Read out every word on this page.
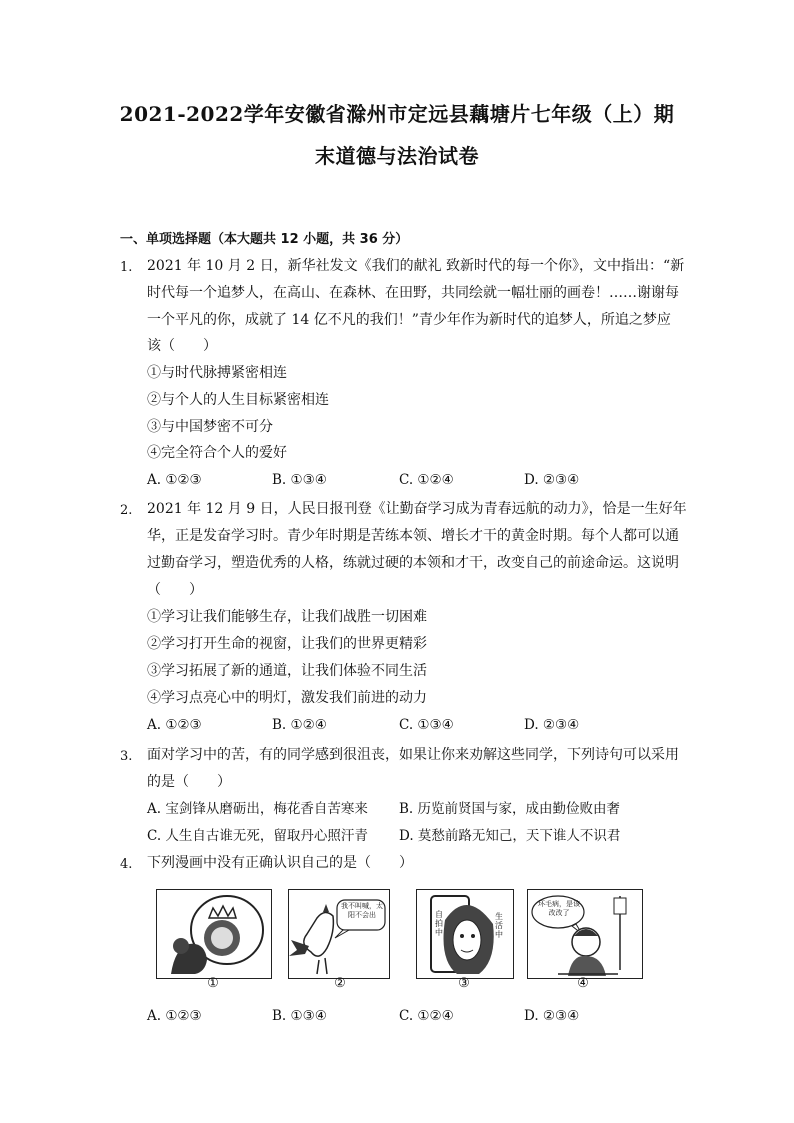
2021-2022学年安徽省滁州市定远县藕塘片七年级（上）期
末道德与法治试卷
一、单项选择题（本大题共 12 小题，共 36 分）
1. 2021 年 10 月 2 日，新华社发文《我们的献礼 致新时代的每一个你》，文中指出：“新
时代每一个追梦人，在高山、在森林、在田野，共同绘就一幅壮丽的画卷！……谢谢每
一个平凡的你，成就了 14 亿不凡的我们！”青少年作为新时代的追梦人，所追之梦应
该（　　）
①与时代脉搏紧密相连
②与个人的人生目标紧密相连
③与中国梦密不可分
④完全符合个人的爱好
A. ①②③	B. ①③④	C. ①②④	D. ②③④
2. 2021 年 12 月 9 日，人民日报刊登《让勤奋学习成为青春远航的动力》，恰是一生好年
华，正是发奋学习时。青少年时期是苦练本领、增长才干的黄金时期。每个人都可以通
过勤奋学习，塑造优秀的人格，练就过硬的本领和才干，改变自己的前途命运。这说明
（　　）
①学习让我们能够生存，让我们战胜一切困难
②学习打开生命的视窗，让我们的世界更精彩
③学习拓展了新的通道，让我们体验不同生活
④学习点亮心中的明灯，激发我们前进的动力
A. ①②③	B. ①②④	C. ①③④	D. ②③④
3. 面对学习中的苦，有的同学感到很沮丧，如果让你来劝解这些同学，下列诗句可以采用
的是（　　）
A. 宝剑锋从磨砺出，梅花香自苦寒来 B. 历览前贤国与家，成由勤俭败由奢
C. 人生自古谁无死，留取丹心照汗青 D. 莫愁前路无知己，天下谁人不识君
4. 下列漫画中没有正确认识自己的是（　　）
①
我不叫喊，太阳不会出
②
自拍中
生活中
③
坏毛病，是该改改了
④
A. ①②③	B. ①③④	C. ①②④	D. ②③④
